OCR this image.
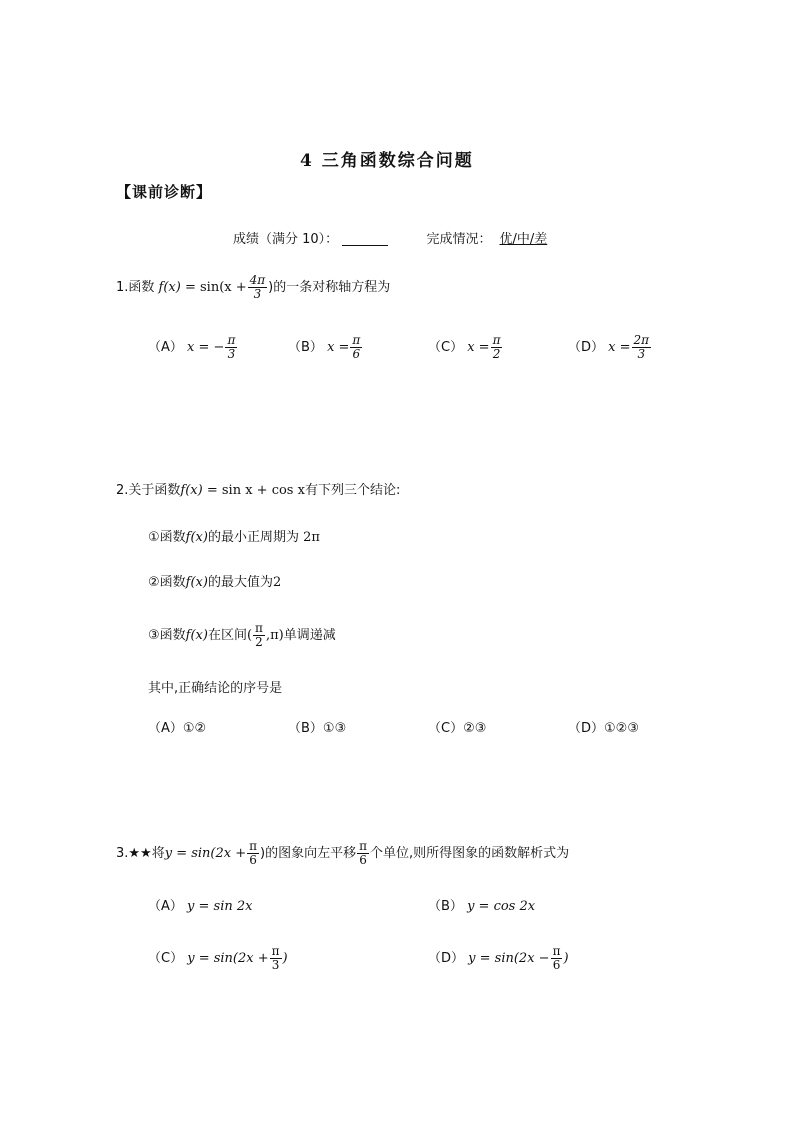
4 三角函数综合问题
【课前诊断】
成绩（满分 10）：	完成情况： 优/中/差
1.函数 $f(x) = \sin(x + \frac{4\pi}{3}$ )的一条对称轴方程为
（A） x = − $\frac{\pi}{3}$	（B） $x = \frac{\pi}{6}$	（C） $x = \frac{\pi}{2}$	（D） $x = \frac{2\pi}{3}$
2.关于函数f(x) = sin x + cos x有下列三个结论:
①函数f(x)的最小正周期为 2π
②函数f(x)的最大值为2
③函数f(x)在区间( $\frac{\pi}{2} ,\pi$)单调递减
其中,正确结论的序号是
（A）①②	（B）①③	（C）②③	（D）①②③
3.★★将$y = \sin(2x + \frac{\pi}{6}$ )的图象向左平移 $\frac{\pi}{6}$ 个单位,则所得图象的函数解析式为
（A） y = sin 2x	（B） y = cos 2x
（C） $y = \sin(2x + \frac{\pi}{3}$ )	（D） $y = \sin(2x - \frac{\pi}{6}$ )
